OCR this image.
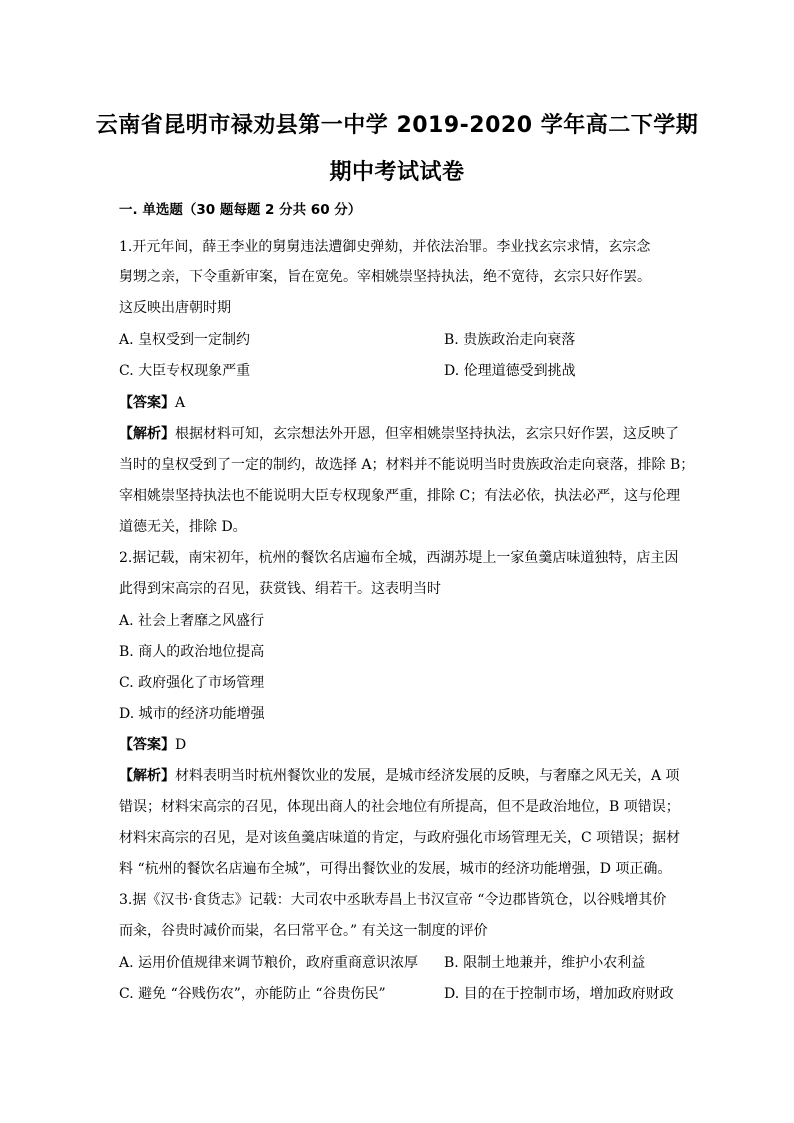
云南省昆明市禄劝县第一中学 2019-2020 学年高二下学期
期中考试试卷
一. 单选题（30 题每题 2 分共 60 分）
1.开元年间，薛王李业的舅舅违法遭御史弹劾，并依法治罪。李业找玄宗求情，玄宗念
舅甥之亲，下令重新审案，旨在宽免。宰相姚崇坚持执法，绝不宽待，玄宗只好作罢。
这反映出唐朝时期
A. 皇权受到一定制约	B. 贵族政治走向衰落
C. 大臣专权现象严重	D. 伦理道德受到挑战
【答案】A
【解析】根据材料可知，玄宗想法外开恩，但宰相姚崇坚持执法，玄宗只好作罢，这反映了
当时的皇权受到了一定的制约，故选择 A；材料并不能说明当时贵族政治走向衰落，排除 B；
宰相姚崇坚持执法也不能说明大臣专权现象严重，排除 C；有法必依，执法必严，这与伦理
道德无关，排除 D。
2.据记载，南宋初年，杭州的餐饮名店遍布全城，西湖苏堤上一家鱼羹店味道独特，店主因
此得到宋高宗的召见，获赏钱、绢若干。这表明当时
A. 社会上奢靡之风盛行
B. 商人的政治地位提高
C. 政府强化了市场管理
D. 城市的经济功能增强
【答案】D
【解析】材料表明当时杭州餐饮业的发展，是城市经济发展的反映，与奢靡之风无关，A 项
错误；材料宋高宗的召见，体现出商人的社会地位有所提高，但不是政治地位，B 项错误；
材料宋高宗的召见，是对该鱼羹店味道的肯定，与政府强化市场管理无关，C 项错误；据材
料 “杭州的餐饮名店遍布全城”，可得出餐饮业的发展，城市的经济功能增强，D 项正确。
3.据《汉书·食货志》记载：大司农中丞耿寿昌上书汉宣帝 “令边郡皆筑仓，以谷贱增其价
而籴，谷贵时减价而粜，名曰常平仓。” 有关这一制度的评价
A. 运用价值规律来调节粮价，政府重商意识浓厚 B. 限制土地兼并，维护小农利益
C. 避免 “谷贱伤农”，亦能防止 “谷贵伤民”	D. 目的在于控制市场，增加政府财政
